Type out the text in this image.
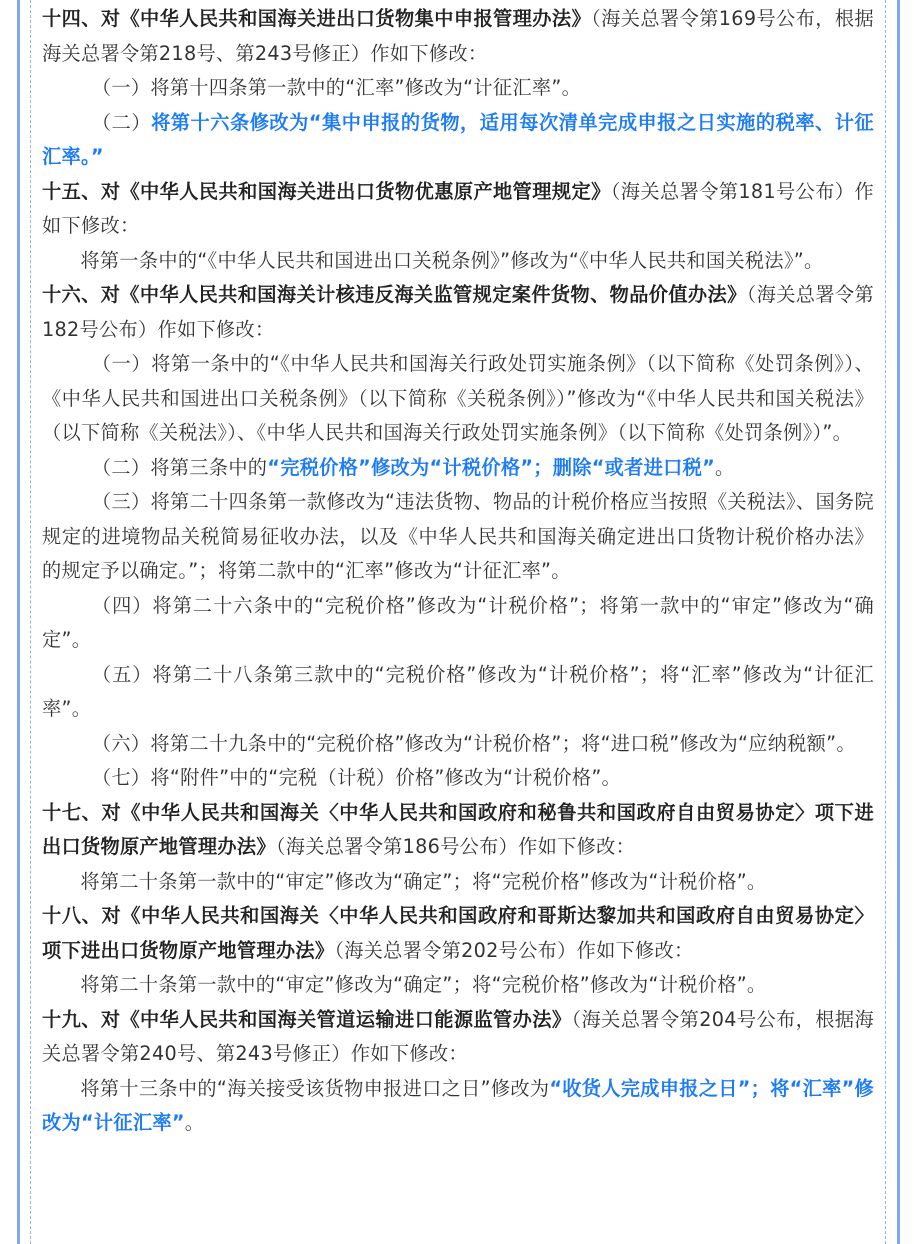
十四、对《中华人民共和国海关进出口货物集中申报管理办法》（海关总署令第169号公布，根据海关总署令第218号、第243号修正）作如下修改：

（一）将第十四条第一款中的“汇率”修改为“计征汇率”。

（二）将第十六条修改为“集中申报的货物，适用每次清单完成申报之日实施的税率、计征汇率。”

十五、对《中华人民共和国海关进出口货物优惠原产地管理规定》（海关总署令第181号公布）作如下修改：

将第一条中的“《中华人民共和国进出口关税条例》”修改为“《中华人民共和国关税法》”。

十六、对《中华人民共和国海关计核违反海关监管规定案件货物、物品价值办法》（海关总署令第182号公布）作如下修改：

（一）将第一条中的“《中华人民共和国海关行政处罚实施条例》（以下简称《处罚条例》）、《中华人民共和国进出口关税条例》（以下简称《关税条例》）”修改为“《中华人民共和国关税法》（以下简称《关税法》）、《中华人民共和国海关行政处罚实施条例》（以下简称《处罚条例》）”。

（二）将第三条中的“完税价格”修改为“计税价格”；删除“或者进口税”。

（三）将第二十四条第一款修改为“违法货物、物品的计税价格应当按照《关税法》、国务院规定的进境物品关税简易征收办法，以及《中华人民共和国海关确定进出口货物计税价格办法》的规定予以确定。”；将第二款中的“汇率”修改为“计征汇率”。

（四）将第二十六条中的“完税价格”修改为“计税价格”；将第一款中的“审定”修改为“确定”。

（五）将第二十八条第三款中的“完税价格”修改为“计税价格”；将“汇率”修改为“计征汇率”。

（六）将第二十九条中的“完税价格”修改为“计税价格”；将“进口税”修改为“应纳税额”。

（七）将“附件”中的“完税（计税）价格”修改为“计税价格”。

十七、对《中华人民共和国海关〈中华人民共和国政府和秘鲁共和国政府自由贸易协定〉项下进出口货物原产地管理办法》（海关总署令第186号公布）作如下修改：

将第二十条第一款中的“审定”修改为“确定”；将“完税价格”修改为“计税价格”。

十八、对《中华人民共和国海关〈中华人民共和国政府和哥斯达黎加共和国政府自由贸易协定〉项下进出口货物原产地管理办法》（海关总署令第202号公布）作如下修改：

将第二十条第一款中的“审定”修改为“确定”；将“完税价格”修改为“计税价格”。

十九、对《中华人民共和国海关管道运输进口能源监管办法》（海关总署令第204号公布，根据海关总署令第240号、第243号修正）作如下修改：

将第十三条中的“海关接受该货物申报进口之日”修改为“收货人完成申报之日”；将“汇率”修改为“计征汇率”。
